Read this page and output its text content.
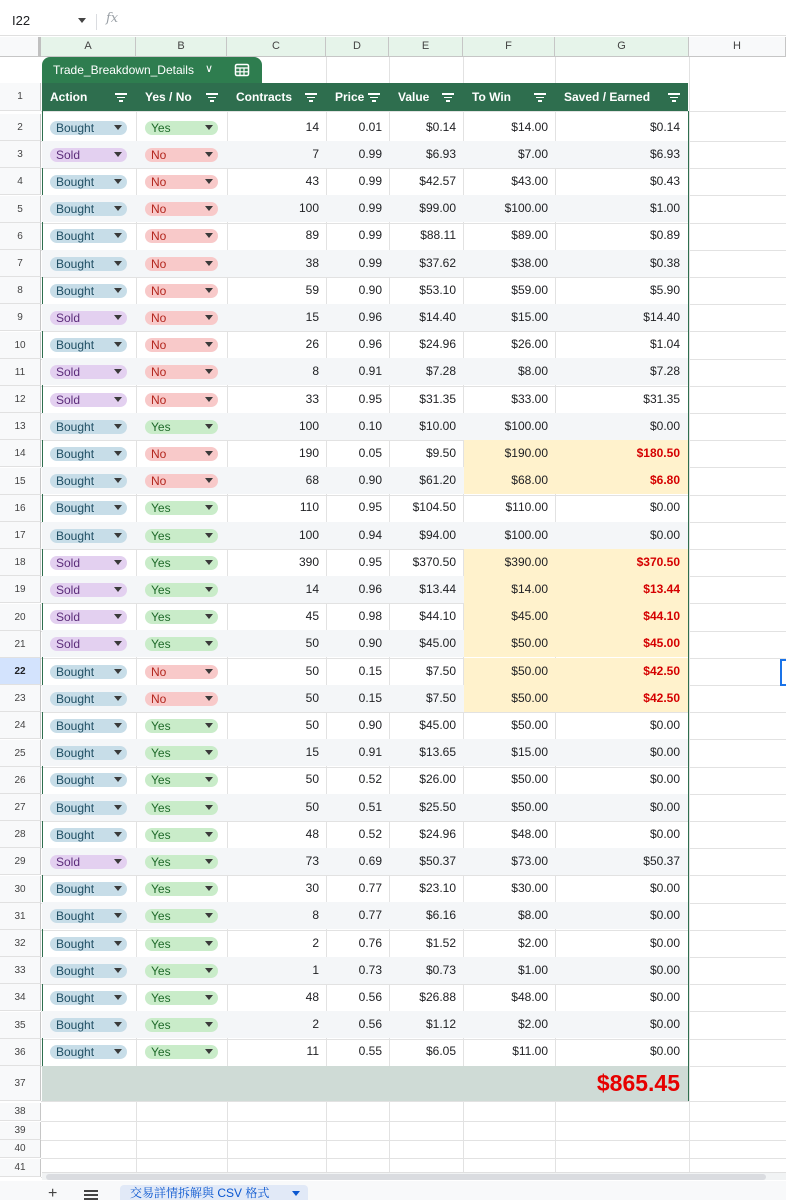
I22	fx
A	B	C	D	E	F	G	H
1
2
3
4
5
6
7
8
9
10
11
12
13
14
15
16
17
18
19
20
21
22
23
24
25
26
27
28
29
30
31
32
33
34
35
36
37
38
39
40
41
Trade_Breakdown_Details ∨
Action	Yes / No	Contracts	Price	Value	To Win	Saved / Earned
Bought	Yes	14	0.01	$0.14	$14.00	$0.14
Sold	No	7	0.99	$6.93	$7.00	$6.93
Bought	No	43	0.99	$42.57	$43.00	$0.43
Bought	No	100	0.99	$99.00	$100.00	$1.00
Bought	No	89	0.99	$88.11	$89.00	$0.89
Bought	No	38	0.99	$37.62	$38.00	$0.38
Bought	No	59	0.90	$53.10	$59.00	$5.90
Sold	No	15	0.96	$14.40	$15.00	$14.40
Bought	No	26	0.96	$24.96	$26.00	$1.04
Sold	No	8	0.91	$7.28	$8.00	$7.28
Sold	No	33	0.95	$31.35	$33.00	$31.35
Bought	Yes	100	0.10	$10.00	$100.00	$0.00
Bought	No	190	0.05	$9.50	$190.00	$180.50
Bought	No	68	0.90	$61.20	$68.00	$6.80
Bought	Yes	110	0.95	$104.50	$110.00	$0.00
Bought	Yes	100	0.94	$94.00	$100.00	$0.00
Sold	Yes	390	0.95	$370.50	$390.00	$370.50
Sold	Yes	14	0.96	$13.44	$14.00	$13.44
Sold	Yes	45	0.98	$44.10	$45.00	$44.10
Sold	Yes	50	0.90	$45.00	$50.00	$45.00
Bought	No	50	0.15	$7.50	$50.00	$42.50
Bought	No	50	0.15	$7.50	$50.00	$42.50
Bought	Yes	50	0.90	$45.00	$50.00	$0.00
Bought	Yes	15	0.91	$13.65	$15.00	$0.00
Bought	Yes	50	0.52	$26.00	$50.00	$0.00
Bought	Yes	50	0.51	$25.50	$50.00	$0.00
Bought	Yes	48	0.52	$24.96	$48.00	$0.00
Sold	Yes	73	0.69	$50.37	$73.00	$50.37
Bought	Yes	30	0.77	$23.10	$30.00	$0.00
Bought	Yes	8	0.77	$6.16	$8.00	$0.00
Bought	Yes	2	0.76	$1.52	$2.00	$0.00
Bought	Yes	1	0.73	$0.73	$1.00	$0.00
Bought	Yes	48	0.56	$26.88	$48.00	$0.00
Bought	Yes	2	0.56	$1.12	$2.00	$0.00
Bought	Yes	11	0.55	$6.05	$11.00	$0.00
$865.45
+	交易詳情拆解與 CSV 格式
